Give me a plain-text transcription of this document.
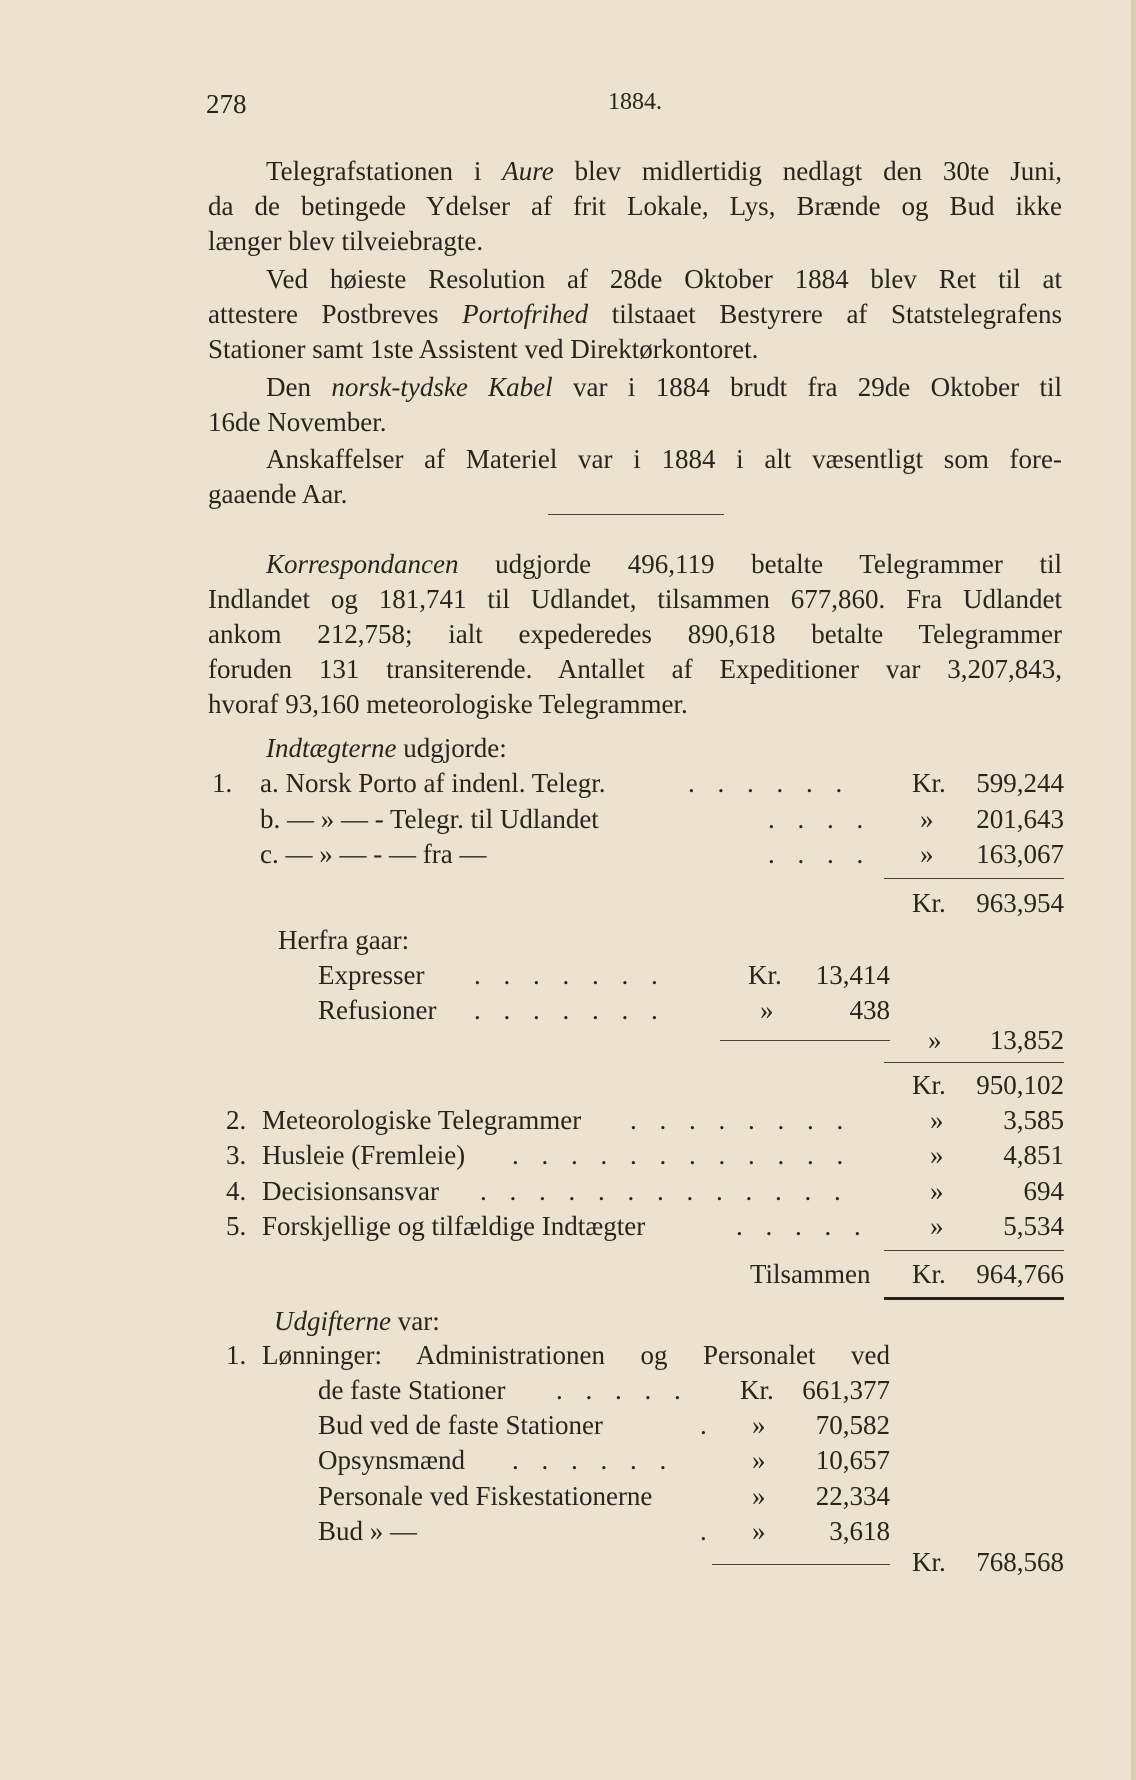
278	1884.
Telegrafstationen i Aure blev midlertidig nedlagt den 30te Juni,
da de betingede Ydelser af frit Lokale, Lys, Brænde og Bud ikke
længer blev tilveiebragte.
Ved høieste Resolution af 28de Oktober 1884 blev Ret til at
attestere Postbreves Portofrihed tilstaaet Bestyrere af Statstelegrafens
Stationer samt 1ste Assistent ved Direktørkontoret.
Den norsk-tydske Kabel var i 1884 brudt fra 29de Oktober til
16de November.
Anskaffelser af Materiel var i 1884 i alt væsentligt som fore-
gaaende Aar.
Korrespondancen udgjorde 496,119 betalte Telegrammer til
Indlandet og 181,741 til Udlandet, tilsammen 677,860. Fra Udlandet
ankom 212,758; ialt expederedes 890,618 betalte Telegrammer
foruden 131 transiterende. Antallet af Expeditioner var 3,207,843,
hvoraf 93,160 meteorologiske Telegrammer.
Indtægterne udgjorde:
1. a. Norsk Porto af indenl. Telegr.	. . . . . . Kr.	599,244
b. — » — - Telegr. til Udlandet	. . . . »	201,643
c. — » — - — fra —	. . . . »	163,067
Kr.	963,954
Herfra gaar:
Expresser . . . . . . .	Kr.	13,414
Refusioner . . . . . . .	»	438
»	13,852
Kr.	950,102
2. Meteorologiske Telegrammer . . . . . . . .	»	3,585
3. Husleie (Fremleie) . . . . . . . . . . . .	»	4,851
4. Decisionsansvar . . . . . . . . . . . . .	»	694
5. Forskjellige og tilfældige Indtægter	. . . . . »	5,534
Tilsammen Kr.	964,766
Udgifterne var:
1. Lønninger: Administrationen og Personalet ved
de faste Stationer . . . . . Kr.	661,377
Bud ved de faste Stationer	. »	70,582
Opsynsmænd . . . . . .	»	10,657
Personale ved Fiskestationerne	»	22,334
Bud » —	. »	3,618
Kr.	768,568
